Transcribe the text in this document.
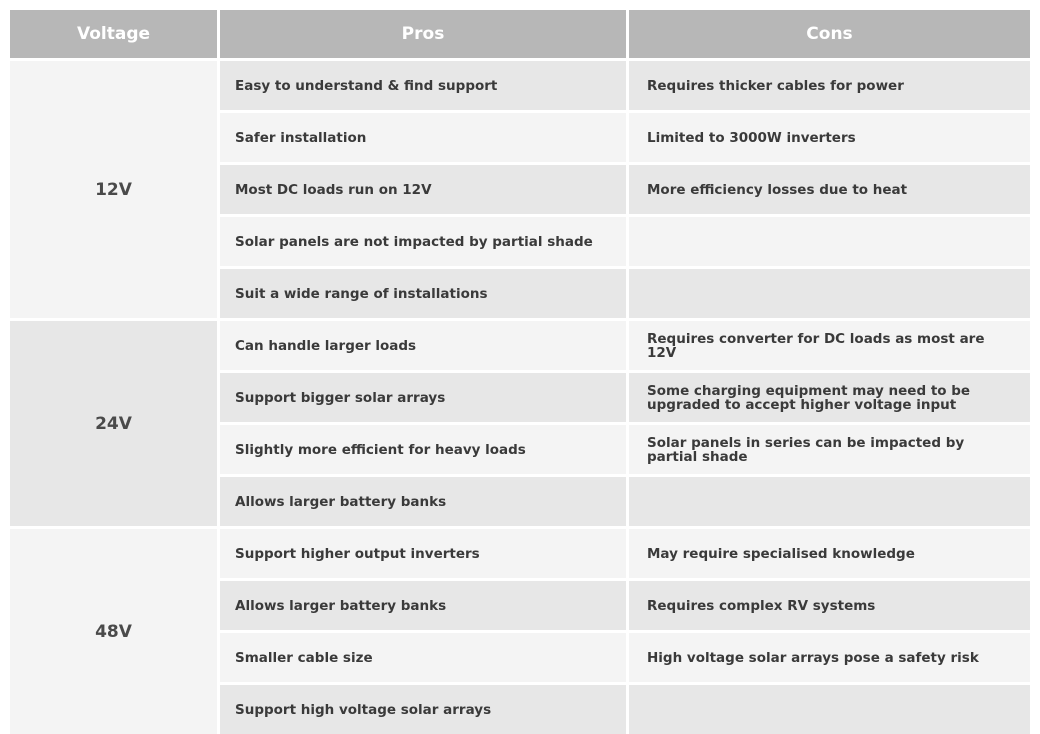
Voltage	Pros	Cons
12V
Easy to understand & find support	Requires thicker cables for power
Safer installation	Limited to 3000W inverters
Most DC loads run on 12V	More efficiency losses due to heat
Solar panels are not impacted by partial shade
Suit a wide range of installations
24V
Can handle larger loads	Requires converter for DC loads as most are 12V
Support bigger solar arrays	Some charging equipment may need to be upgraded to accept higher voltage input
Slightly more efficient for heavy loads	Solar panels in series can be impacted by partial shade
Allows larger battery banks
48V
Support higher output inverters	May require specialised knowledge
Allows larger battery banks	Requires complex RV systems
Smaller cable size	High voltage solar arrays pose a safety risk
Support high voltage solar arrays
